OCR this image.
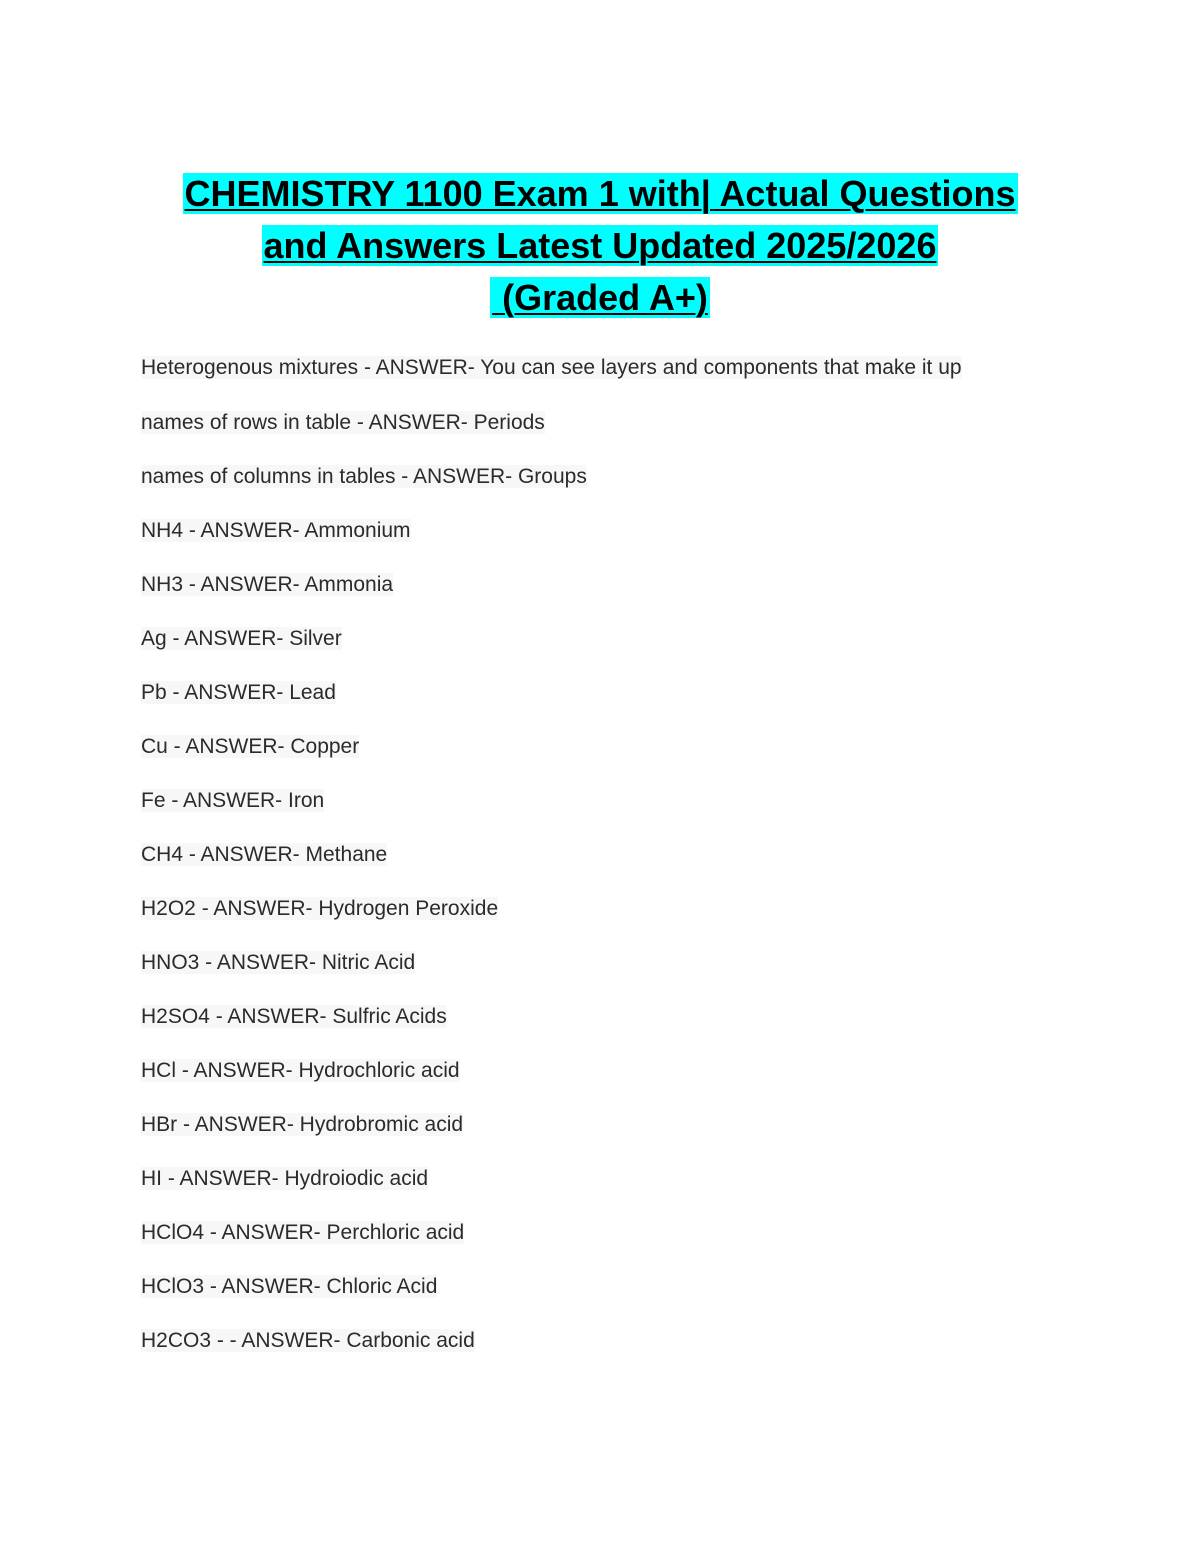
CHEMISTRY 1100 Exam 1 with| Actual Questions
and Answers Latest Updated 2025/2026
(Graded A+)
Heterogenous mixtures - ANSWER- You can see layers and components that make it up
names of rows in table - ANSWER- Periods
names of columns in tables - ANSWER- Groups
NH4 - ANSWER- Ammonium
NH3 - ANSWER- Ammonia
Ag - ANSWER- Silver
Pb - ANSWER- Lead
Cu - ANSWER- Copper
Fe - ANSWER- Iron
CH4 - ANSWER- Methane
H2O2 - ANSWER- Hydrogen Peroxide
HNO3 - ANSWER- Nitric Acid
H2SO4 - ANSWER- Sulfric Acids
HCl - ANSWER- Hydrochloric acid
HBr - ANSWER- Hydrobromic acid
HI - ANSWER- Hydroiodic acid
HClO4 - ANSWER- Perchloric acid
HClO3 - ANSWER- Chloric Acid
H2CO3 - - ANSWER- Carbonic acid
